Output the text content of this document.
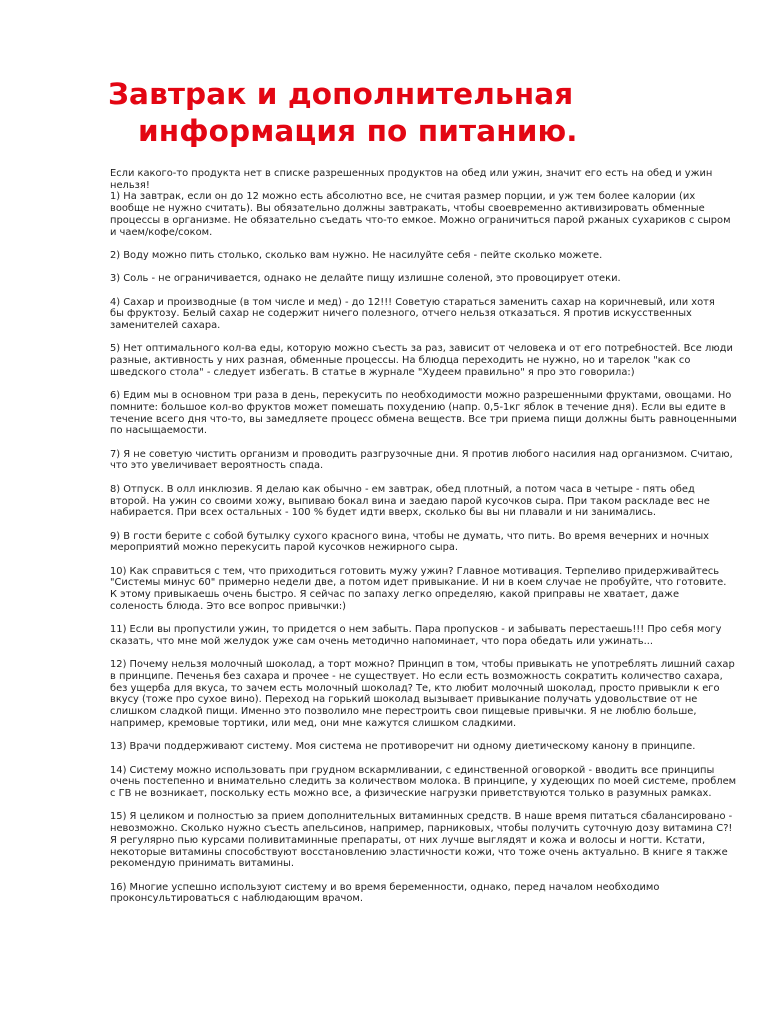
Завтрак и дополнительная
информация по питанию.

Если какого-то продукта нет в списке разрешенных продуктов на обед или ужин, значит его есть на обед и ужин
нельзя!
1) На завтрак, если он до 12 можно есть абсолютно все, не считая размер порции, и уж тем более калории (их
вообще не нужно считать). Вы обязательно должны завтракать, чтобы своевременно активизировать обменные
процессы в организме. Не обязательно съедать что-то емкое. Можно ограничиться парой ржаных сухариков с сыром
и чаем/кофе/соком.

2) Воду можно пить столько, сколько вам нужно. Не насилуйте себя - пейте сколько можете.

3) Соль - не ограничивается, однако не делайте пищу излишне соленой, это провоцирует отеки.

4) Сахар и производные (в том числе и мед) - до 12!!! Советую стараться заменить сахар на коричневый, или хотя
бы фруктозу. Белый сахар не содержит ничего полезного, отчего нельзя отказаться. Я против искусственных
заменителей сахара.

5) Нет оптимального кол-ва еды, которую можно съесть за раз, зависит от человека и от его потребностей. Все люди
разные, активность у них разная, обменные процессы. На блюдца переходить не нужно, но и тарелок "как со
шведского стола" - следует избегать. В статье в журнале "Худеем правильно" я про это говорила:)

6) Едим мы в основном три раза в день, перекусить по необходимости можно разрешенными фруктами, овощами. Но
помните: большое кол-во фруктов может помешать похудению (напр. 0,5-1кг яблок в течение дня). Если вы едите в
течение всего дня что-то, вы замедляете процесс обмена веществ. Все три приема пищи должны быть равноценными
по насыщаемости.

7) Я не советую чистить организм и проводить разгрузочные дни. Я против любого насилия над организмом. Считаю,
что это увеличивает вероятность спада.

8) Отпуск. В олл инклюзив. Я делаю как обычно - ем завтрак, обед плотный, а потом часа в четыре - пять обед
второй. На ужин со своими хожу, выпиваю бокал вина и заедаю парой кусочков сыра. При таком раскладе вес не
набирается. При всех остальных - 100 % будет идти вверх, сколько бы вы ни плавали и ни занимались.

9) В гости берите с собой бутылку сухого красного вина, чтобы не думать, что пить. Во время вечерних и ночных
мероприятий можно перекусить парой кусочков нежирного сыра.

10) Как справиться с тем, что приходиться готовить мужу ужин? Главное мотивация. Терпеливо придерживайтесь
"Системы минус 60" примерно недели две, а потом идет привыкание. И ни в коем случае не пробуйте, что готовите.
К этому привыкаешь очень быстро. Я сейчас по запаху легко определяю, какой приправы не хватает, даже
соленость блюда. Это все вопрос привычки:)

11) Если вы пропустили ужин, то придется о нем забыть. Пара пропусков - и забывать перестаешь!!! Про себя могу
сказать, что мне мой желудок уже сам очень методично напоминает, что пора обедать или ужинать...

12) Почему нельзя молочный шоколад, а торт можно? Принцип в том, чтобы привыкать не употреблять лишний сахар
в принципе. Печенья без сахара и прочее - не существует. Но если есть возможность сократить количество сахара,
без ущерба для вкуса, то зачем есть молочный шоколад? Те, кто любит молочный шоколад, просто привыкли к его
вкусу (тоже про сухое вино). Переход на горький шоколад вызывает привыкание получать удовольствие от не
слишком сладкой пищи. Именно это позволило мне перестроить свои пищевые привычки. Я не люблю больше,
например, кремовые тортики, или мед, они мне кажутся слишком сладкими.

13) Врачи поддерживают систему. Моя система не противоречит ни одному диетическому канону в принципе.

14) Систему можно использовать при грудном вскармливании, с единственной оговоркой - вводить все принципы
очень постепенно и внимательно следить за количеством молока. В принципе, у худеющих по моей системе, проблем
с ГВ не возникает, поскольку есть можно все, а физические нагрузки приветствуются только в разумных рамках.

15) Я целиком и полностью за прием дополнительных витаминных средств. В наше время питаться сбалансировано -
невозможно. Сколько нужно съесть апельсинов, например, парниковых, чтобы получить суточную дозу витамина С?!
Я регулярно пью курсами поливитаминные препараты, от них лучше выглядят и кожа и волосы и ногти. Кстати,
некоторые витамины способствуют восстановлению эластичности кожи, что тоже очень актуально. В книге я также
рекомендую принимать витамины.

16) Многие успешно используют систему и во время беременности, однако, перед началом необходимо
проконсультироваться с наблюдающим врачом.
